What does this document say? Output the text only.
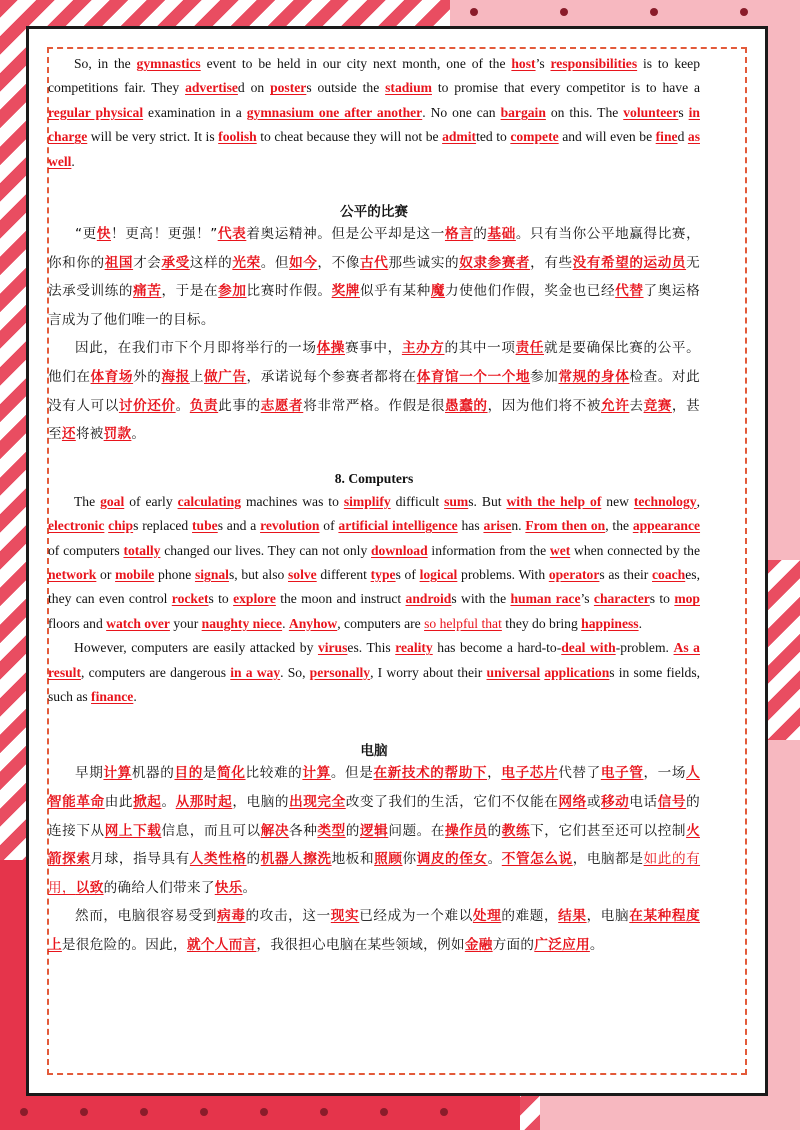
So, in the gymnastics event to be held in our city next month, one of the host’s responsibilities is to keep competitions fair. They advertised on posters outside the stadium to promise that every competitor is to have a regular physical examination in a gymnasium one after another. No one can bargain on this. The volunteers in charge will be very strict. It is foolish to cheat because they will not be admitted to compete and will even be fined as well.

公平的比赛

“更快！更高！更强！”代表着奥运精神。但是公平却是这一格言的基础。只有当你公平地赢得比赛，你和你的祖国才会承受这样的光荣。但如今，不像古代那些诚实的奴隶参赛者，有些没有希望的运动员无法承受训练的痛苦，于是在参加比赛时作假。奖牌似乎有某种魔力使他们作假，奖金也已经代替了奥运格言成为了他们唯一的目标。

因此，在我们市下个月即将举行的一场体操赛事中，主办方的其中一项责任就是要确保比赛的公平。他们在体育场外的海报上做广告，承诺说每个参赛者都将在体育馆一个一个地参加常规的身体检查。对此没有人可以讨价还价。负责此事的志愿者将非常严格。作假是很愚蠢的，因为他们将不被允许去竞赛，甚至还将被罚款。

8. Computers

The goal of early calculating machines was to simplify difficult sums. But with the help of new technology, electronic chips replaced tubes and a revolution of artificial intelligence has arisen. From then on, the appearance of computers totally changed our lives. They can not only download information from the wet when connected by the network or mobile phone signals, but also solve different types of logical problems. With operators as their coaches, they can even control rockets to explore the moon and instruct androids with the human race’s characters to mop floors and watch over your naughty niece. Anyhow, computers are so helpful that they do bring happiness.

However, computers are easily attacked by viruses. This reality has become a hard-to-deal with-problem. As a result, computers are dangerous in a way. So, personally, I worry about their universal applications in some fields, such as finance.

电脑

早期计算机器的目的是简化比较难的计算。但是在新技术的帮助下，电子芯片代替了电子管，一场人智能革命由此掀起。从那时起，电脑的出现完全改变了我们的生活，它们不仅能在网络或移动电话信号的连接下从网上下载信息，而且可以解决各种类型的逻辑问题。在操作员的教练下，它们甚至还可以控制火箭探索月球，指导具有人类性格的机器人擦洗地板和照顾你调皮的侄女。不管怎么说，电脑都是如此的有用，以致的确给人们带来了快乐。

然而，电脑很容易受到病毒的攻击，这一现实已经成为一个难以处理的难题，结果，电脑在某种程度上是很危险的。因此，就个人而言，我很担心电脑在某些领域，例如金融方面的广泛应用。
